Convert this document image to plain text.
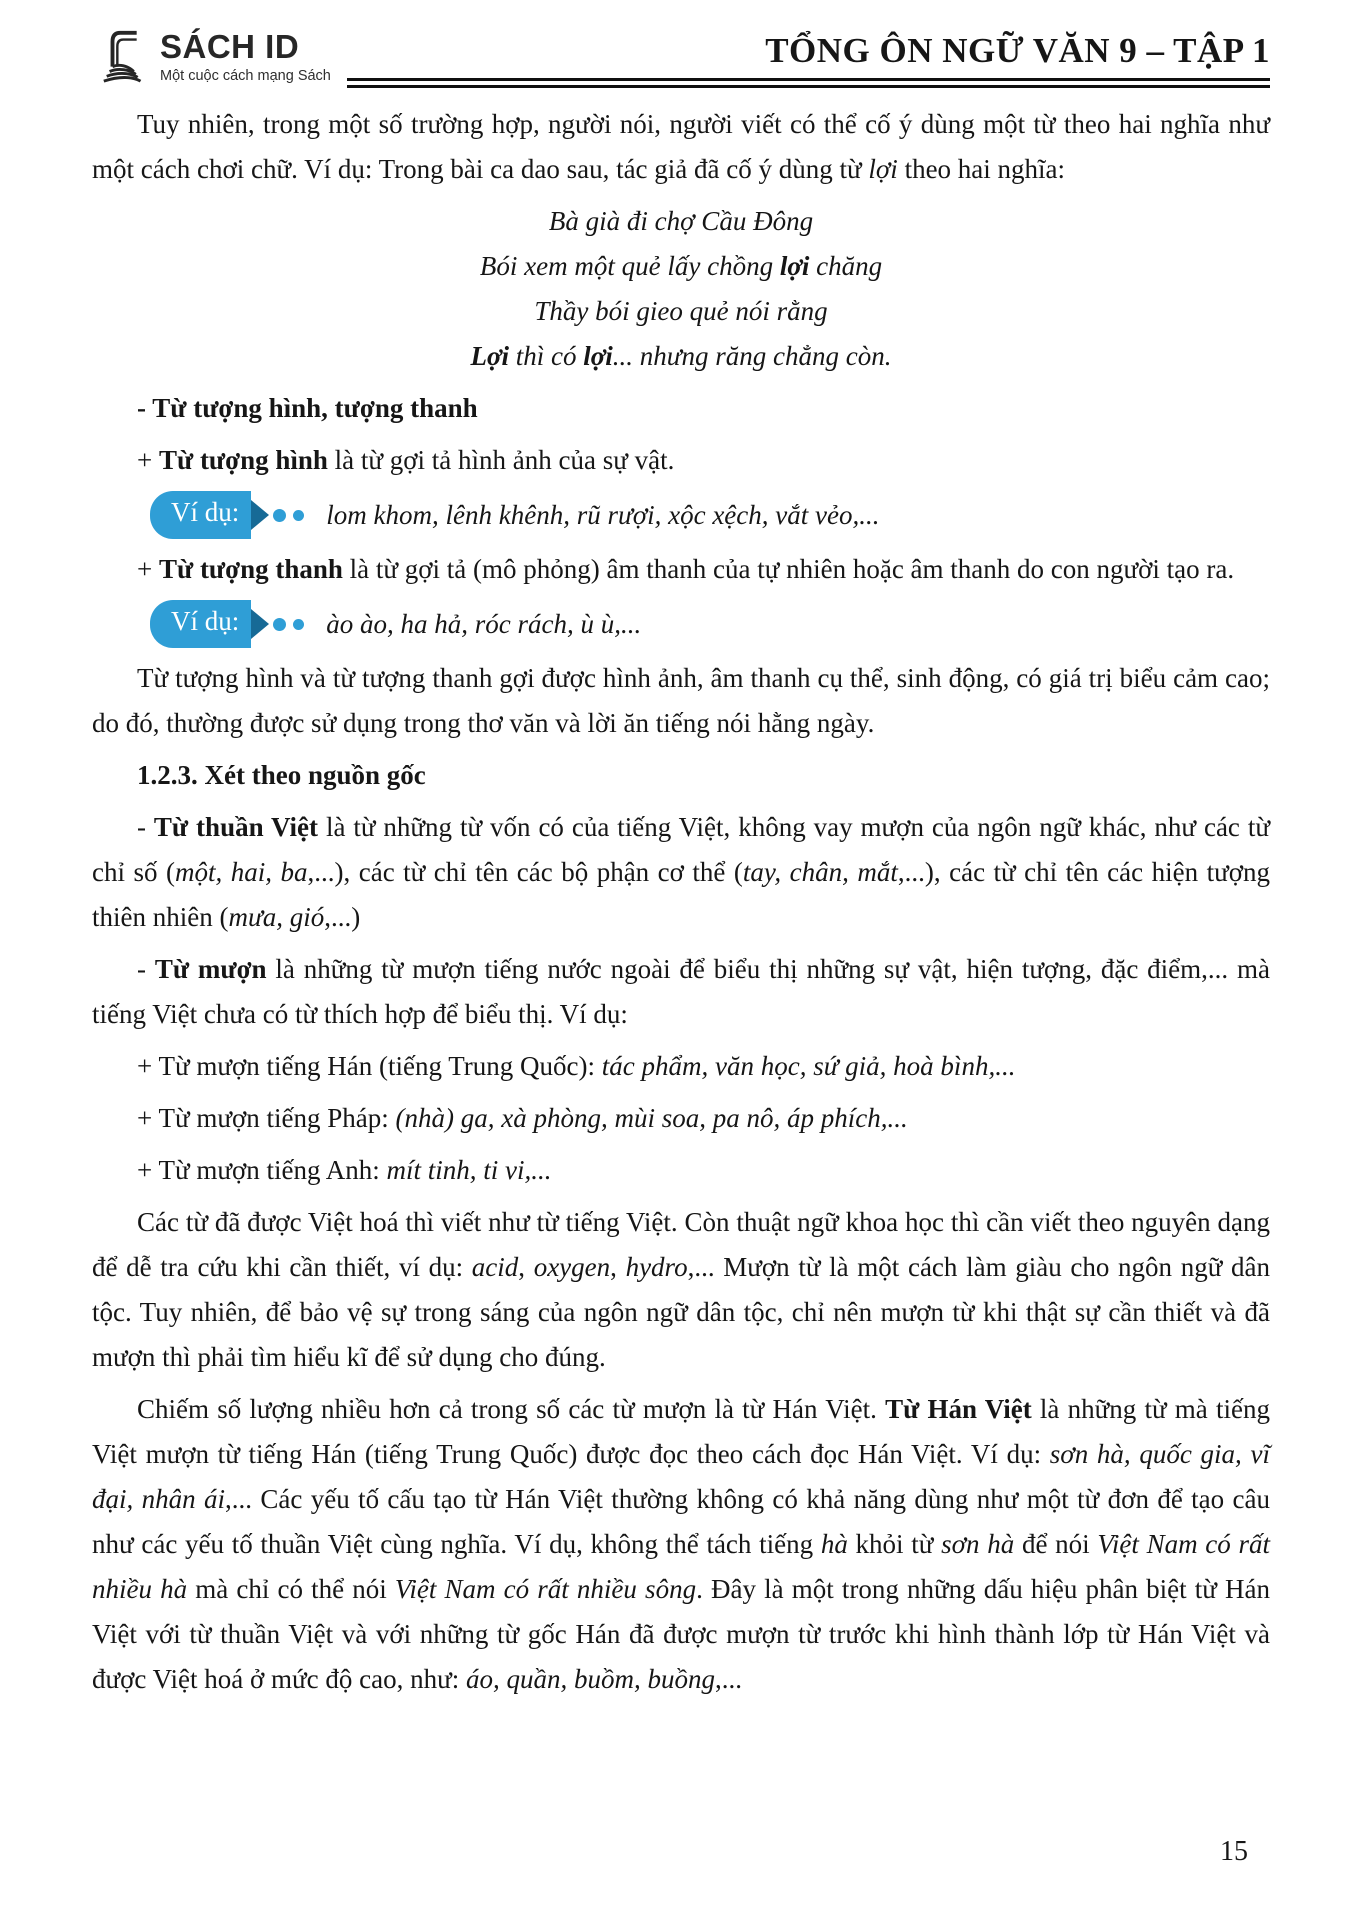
SÁCH ID
Một cuộc cách mạng Sách
TỔNG ÔN NGỮ VĂN 9 – TẬP 1
Tuy nhiên, trong một số trường hợp, người nói, người viết có thể cố ý dùng một từ theo hai nghĩa như một cách chơi chữ. Ví dụ: Trong bài ca dao sau, tác giả đã cố ý dùng từ lợi theo hai nghĩa:
Bà già đi chợ Cầu Đông
Bói xem một quẻ lấy chồng lợi chăng
Thầy bói gieo quẻ nói rằng
Lợi thì có lợi... nhưng răng chẳng còn.
- Từ tượng hình, tượng thanh
+ Từ tượng hình là từ gợi tả hình ảnh của sự vật.
Ví dụ:	lom khom, lênh khênh, rũ rượi, xộc xệch, vắt vẻo,...
+ Từ tượng thanh là từ gợi tả (mô phỏng) âm thanh của tự nhiên hoặc âm thanh do con người tạo ra.
Ví dụ:	ào ào, ha hả, róc rách, ù ù,...
Từ tượng hình và từ tượng thanh gợi được hình ảnh, âm thanh cụ thể, sinh động, có giá trị biểu cảm cao; do đó, thường được sử dụng trong thơ văn và lời ăn tiếng nói hằng ngày.
1.2.3. Xét theo nguồn gốc
- Từ thuần Việt là từ những từ vốn có của tiếng Việt, không vay mượn của ngôn ngữ khác, như các từ chỉ số (một, hai, ba,...), các từ chỉ tên các bộ phận cơ thể (tay, chân, mắt,...), các từ chỉ tên các hiện tượng thiên nhiên (mưa, gió,...)
- Từ mượn là những từ mượn tiếng nước ngoài để biểu thị những sự vật, hiện tượng, đặc điểm,... mà tiếng Việt chưa có từ thích hợp để biểu thị. Ví dụ:
+ Từ mượn tiếng Hán (tiếng Trung Quốc): tác phẩm, văn học, sứ giả, hoà bình,...
+ Từ mượn tiếng Pháp: (nhà) ga, xà phòng, mùi soa, pa nô, áp phích,...
+ Từ mượn tiếng Anh: mít tinh, ti vi,...
Các từ đã được Việt hoá thì viết như từ tiếng Việt. Còn thuật ngữ khoa học thì cần viết theo nguyên dạng để dễ tra cứu khi cần thiết, ví dụ: acid, oxygen, hydro,... Mượn từ là một cách làm giàu cho ngôn ngữ dân tộc. Tuy nhiên, để bảo vệ sự trong sáng của ngôn ngữ dân tộc, chỉ nên mượn từ khi thật sự cần thiết và đã mượn thì phải tìm hiểu kĩ để sử dụng cho đúng.
Chiếm số lượng nhiều hơn cả trong số các từ mượn là từ Hán Việt. Từ Hán Việt là những từ mà tiếng Việt mượn từ tiếng Hán (tiếng Trung Quốc) được đọc theo cách đọc Hán Việt. Ví dụ: sơn hà, quốc gia, vĩ đại, nhân ái,... Các yếu tố cấu tạo từ Hán Việt thường không có khả năng dùng như một từ đơn để tạo câu như các yếu tố thuần Việt cùng nghĩa. Ví dụ, không thể tách tiếng hà khỏi từ sơn hà để nói Việt Nam có rất nhiều hà mà chỉ có thể nói Việt Nam có rất nhiều sông. Đây là một trong những dấu hiệu phân biệt từ Hán Việt với từ thuần Việt và với những từ gốc Hán đã được mượn từ trước khi hình thành lớp từ Hán Việt và được Việt hoá ở mức độ cao, như: áo, quần, buồm, buồng,...
15
